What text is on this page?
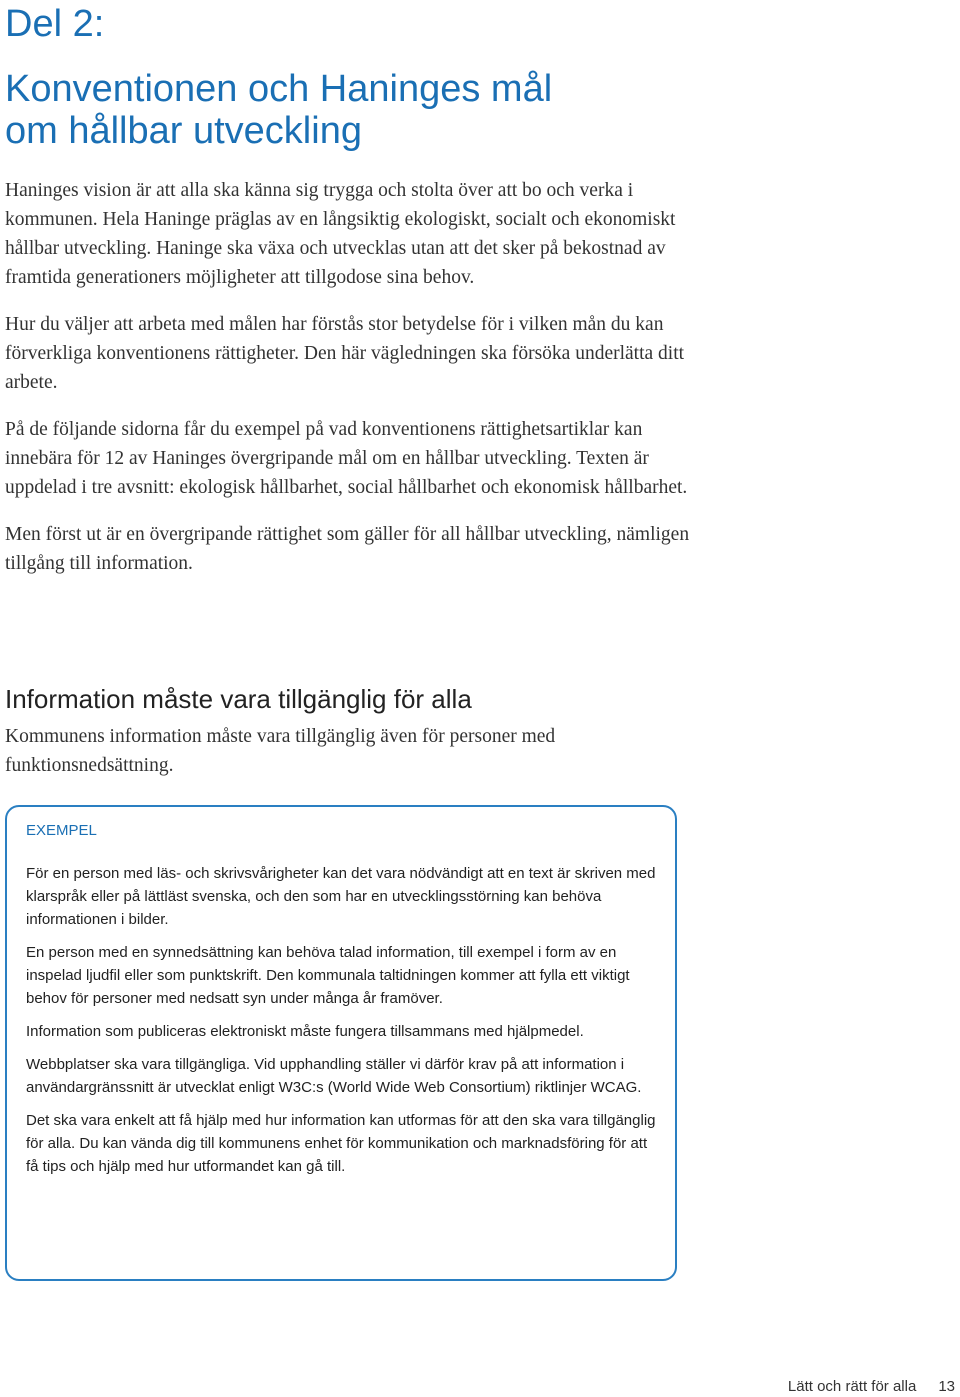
Del 2:
Konventionen och Haninges mål
om hållbar utveckling

Haninges vision är att alla ska känna sig trygga och stolta över att bo och verka i kommunen. Hela Haninge präglas av en långsiktig ekologiskt, socialt och ekonomiskt hållbar utveckling. Haninge ska växa och utvecklas utan att det sker på bekostnad av framtida generationers möjligheter att tillgodose sina behov.

Hur du väljer att arbeta med målen har förstås stor betydelse för i vilken mån du kan förverkliga konventionens rättigheter. Den här vägledningen ska försöka underlätta ditt arbete.

På de följande sidorna får du exempel på vad konventionens rättighetsartiklar kan innebära för 12 av Haninges övergripande mål om en hållbar utveckling. Texten är uppdelad i tre avsnitt: ekologisk hållbarhet, social hållbarhet och ekonomisk hållbarhet.

Men först ut är en övergripande rättighet som gäller för all hållbar utveckling, nämligen tillgång till information.

Information måste vara tillgänglig för alla

Kommunens information måste vara tillgänglig även för personer med funktionsnedsättning.

EXEMPEL

För en person med läs- och skrivsvårigheter kan det vara nödvändigt att en text är skriven med klarspråk eller på lättläst svenska, och den som har en utvecklingsstörning kan behöva informationen i bilder.

En person med en synnedsättning kan behöva talad information, till exempel i form av en inspelad ljudfil eller som punktskrift. Den kommunala taltidningen kommer att fylla ett viktigt behov för personer med nedsatt syn under många år framöver.

Information som publiceras elektroniskt måste fungera tillsammans med hjälpmedel.

Webbplatser ska vara tillgängliga. Vid upphandling ställer vi därför krav på att information i användargränssnitt är utvecklat enligt W3C:s (World Wide Web Consortium) riktlinjer WCAG.

Det ska vara enkelt att få hjälp med hur information kan utformas för att den ska vara tillgänglig för alla. Du kan vända dig till kommunens enhet för kommunikation och marknadsföring för att få tips och hjälp med hur utformandet kan gå till.

Lätt och rätt för alla 13
